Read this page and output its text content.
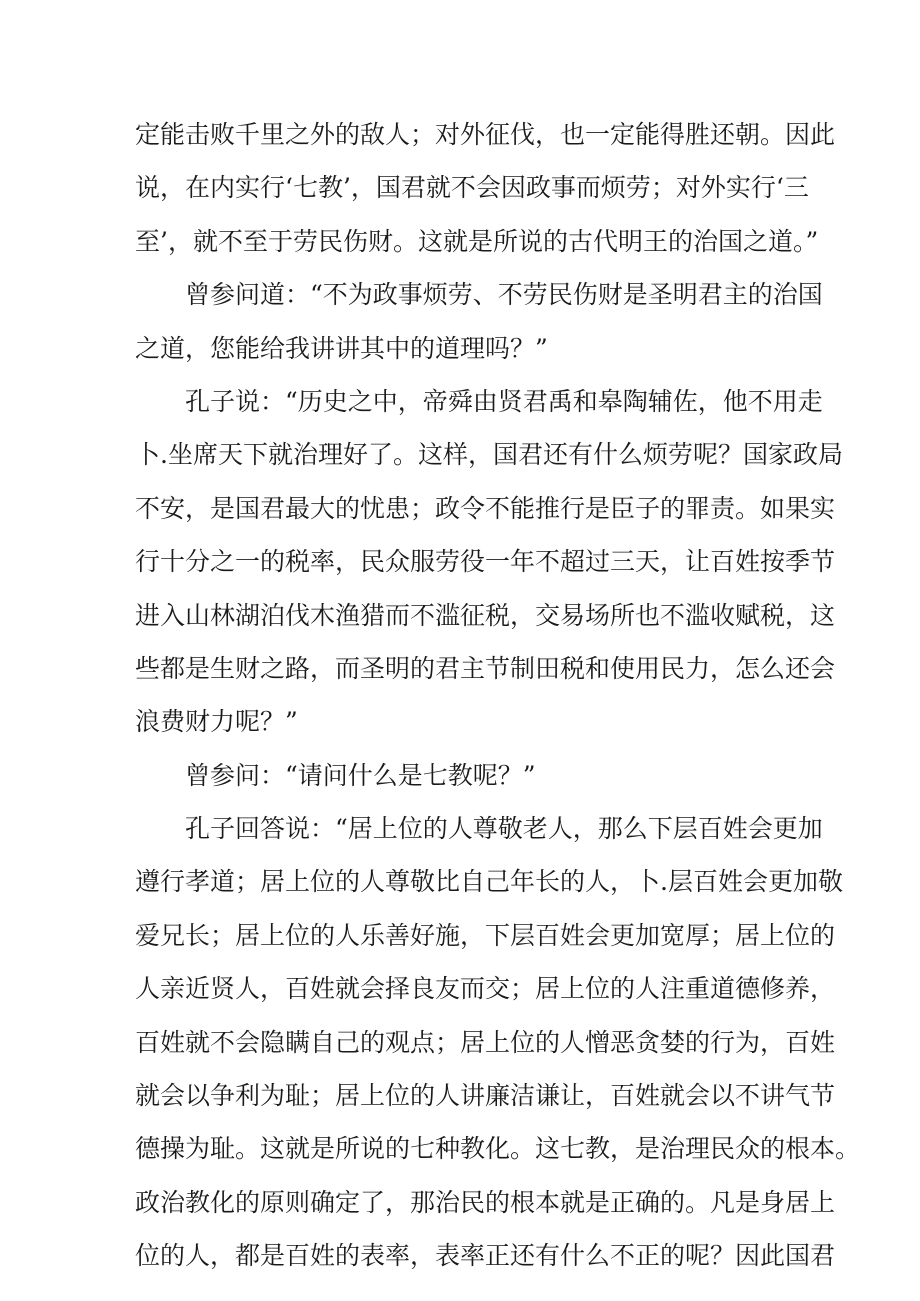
定能击败千里之外的敌人；对外征伐，也一定能得胜还朝。因此
说，在内实行‘七教’，国君就不会因政事而烦劳；对外实行‘三
至’，就不至于劳民伤财。这就是所说的古代明王的治国之道。”
曾参问道：“不为政事烦劳、不劳民伤财是圣明君主的治国
之道，您能给我讲讲其中的道理吗？”
孔子说：“历史之中，帝舜由贤君禹和皋陶辅佐，他不用走
卜.坐席天下就治理好了。这样，国君还有什么烦劳呢？国家政局
不安，是国君最大的忧患；政令不能推行是臣子的罪责。如果实
行十分之一的税率，民众服劳役一年不超过三天，让百姓按季节
进入山林湖泊伐木渔猎而不滥征税，交易场所也不滥收赋税，这
些都是生财之路，而圣明的君主节制田税和使用民力，怎么还会
浪费财力呢？”
曾参问：“请问什么是七教呢？”
孔子回答说：“居上位的人尊敬老人，那么下层百姓会更加
遵行孝道；居上位的人尊敬比自己年长的人，卜.层百姓会更加敬
爱兄长；居上位的人乐善好施，下层百姓会更加宽厚；居上位的
人亲近贤人，百姓就会择良友而交；居上位的人注重道德修养，
百姓就不会隐瞒自己的观点；居上位的人憎恶贪婪的行为，百姓
就会以争利为耻；居上位的人讲廉洁谦让，百姓就会以不讲气节
德操为耻。这就是所说的七种教化。这七教，是治理民众的根本。
政治教化的原则确定了，那治民的根本就是正确的。凡是身居上
位的人，都是百姓的表率，表率正还有什么不正的呢？因此国君
